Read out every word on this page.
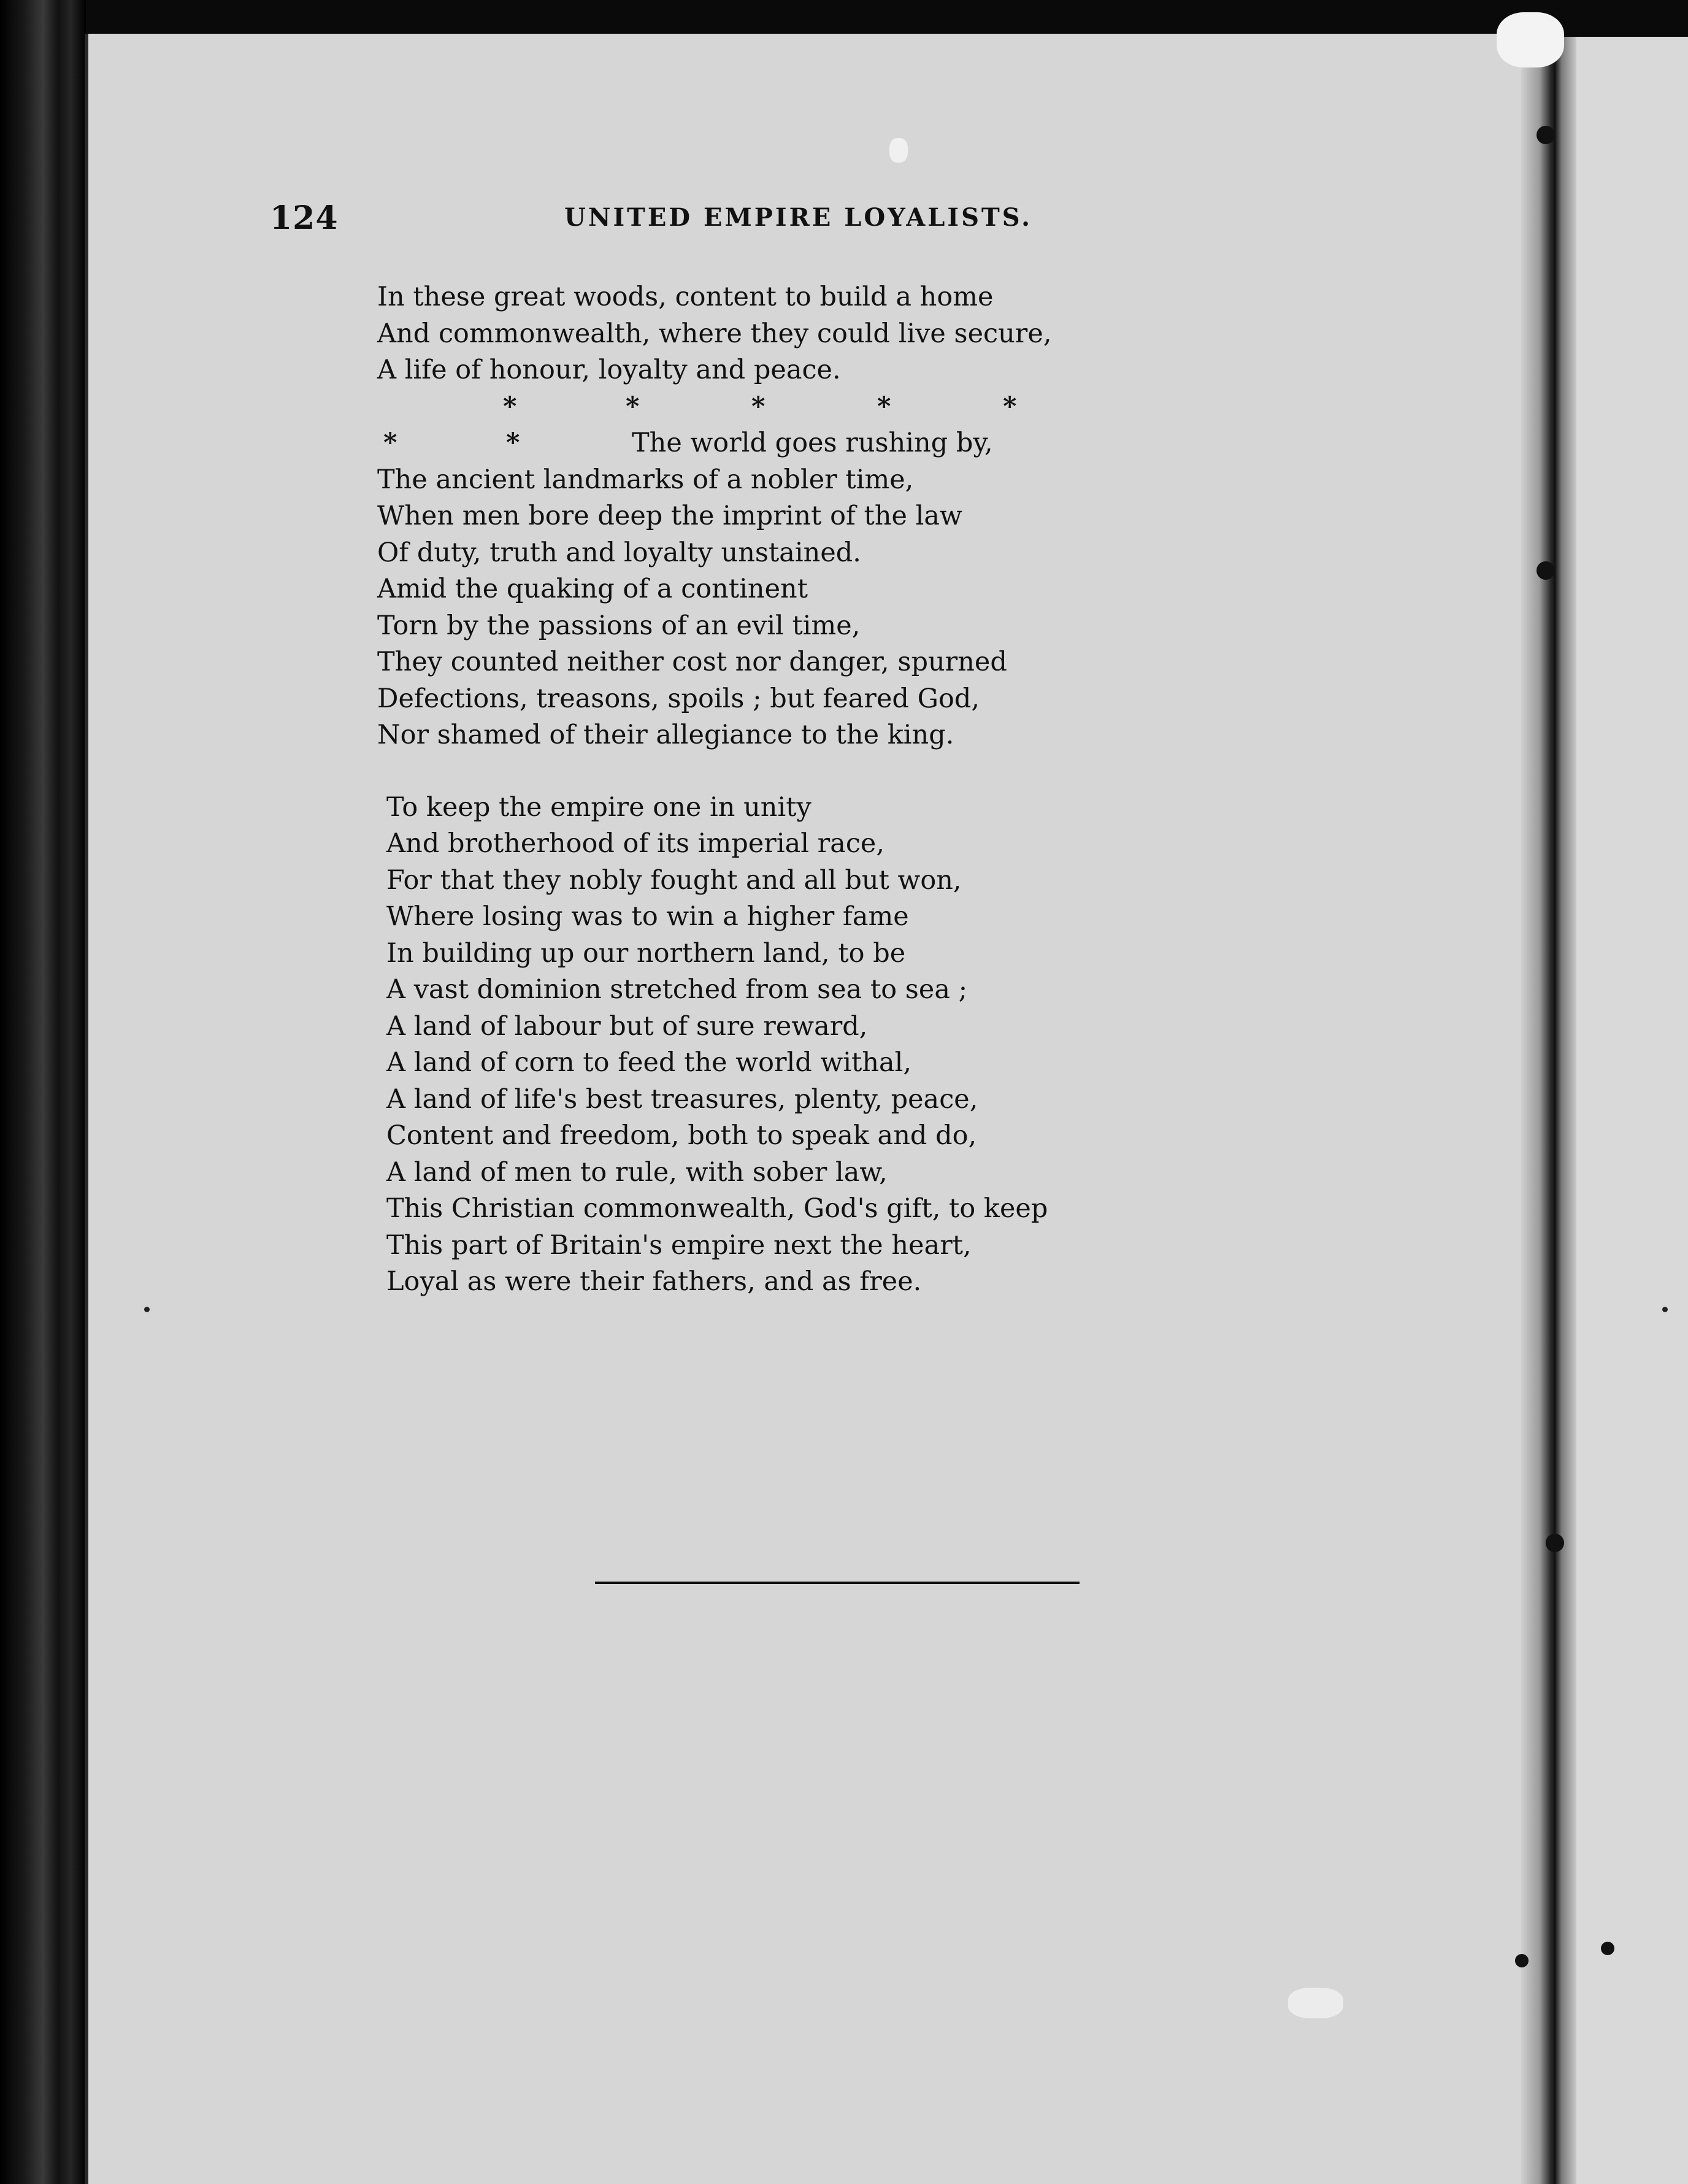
124	UNITED EMPIRE LOYALISTS.
In these great woods, content to build a home
And commonwealth, where they could live secure,
A life of honour, loyalty and peace.
*	*	*	*	*
*	*	The world goes rushing by,
The ancient landmarks of a nobler time,
When men bore deep the imprint of the law
Of duty, truth and loyalty unstained.
Amid the quaking of a continent
Torn by the passions of an evil time,
They counted neither cost nor danger, spurned
Defections, treasons, spoils ; but feared God,
Nor shamed of their allegiance to the king.
To keep the empire one in unity
And brotherhood of its imperial race,
For that they nobly fought and all but won,
Where losing was to win a higher fame
In building up our northern land, to be
A vast dominion stretched from sea to sea ;
A land of labour but of sure reward,
A land of corn to feed the world withal,
A land of life's best treasures, plenty, peace,
Content and freedom, both to speak and do,
A land of men to rule, with sober law,
This Christian commonwealth, God's gift, to keep
This part of Britain's empire next the heart,
Loyal as were their fathers, and as free.
